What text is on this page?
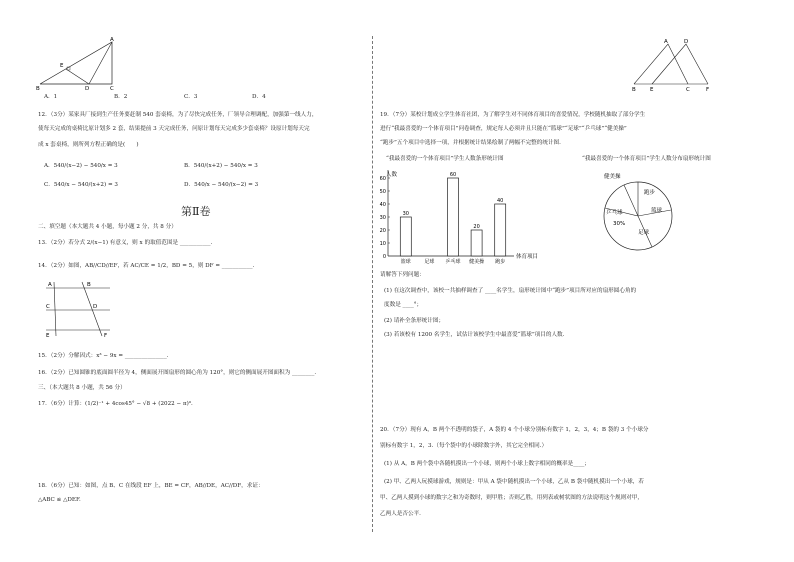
A
E
B	D	C
A．1	B．2	C．3	D．4
12．（3分）某家具厂接到生产任务要赶制 540 套桌椅，为了尽快完成任务，厂领导合理调配，加强第一线人力，
使每天完成的桌椅比原计划多 2 套，结果提前 3 天完成任务，问原计划每天完成多少套桌椅？设原计划每天完
成 x 套桌椅，则所列方程正确的是(　　)
A．540/(x−2) − 540/x = 3	B．540/(x+2) − 540/x = 3
C．540/x − 540/(x+2) = 3	D．540/x − 540/(x−2) = 3
第Ⅱ卷
二、填空题（本大题共 4 小题，每小题 2 分，共 8 分）
13．（2分）若分式 2/(x−1) 有意义，则 x 的取值范围是 ___________.
14．（2分）如图，AB//CD//EF，若 AC/CE = 1/2，BD = 5，则 DF = ___________.
A	B
C	D
E	F
15．（2分）分解因式：x³ − 9x = _______________.
16．（2分）已知圆锥的底面圆半径为 4，侧面展开图扇形的圆心角为 120°，则它的侧面展开图面积为 ________.
三、（本大题共 8 小题，共 56 分）
17．（6分）计算：(1/2)⁻¹ + 4cos45° − √8 + (2022 − π)⁰.
18．（6分）已知：如图，点 B、C 在线段 EF 上，BE = CF，AB//DE，AC//DF，求证：
△ABC ≌ △DEF.
A	D
B	E	C	F
19．（7分）某校计划成立学生体育社团，为了解学生对不同体育项目的喜爱情况，学校随机抽取了部分学生
进行“我最喜爱的一个体育项目”问卷调查，规定每人必须并且只能在“篮球”“足球”“乒乓球”“健美操”
“跑步”五个项目中选择一项，并根据统计结果绘制了两幅不完整的统计图.
“我最喜爱的一个体育项目”学生人数条形统计图	“我最喜爱的一个体育项目”学生人数分布扇形统计图
人数
体育项目
0
10
20
30
40
50
60
篮球
30
足球 乒乓球
60
健美操
20
跑步
40
健美操
跑步
篮球
乒乓球
30%
足球
请解答下列问题：
(1) 在这次调查中，该校一共抽样调查了 ____名学生，扇形统计图中“跑步”项目所对应的扇形圆心角的
度数是 ____°；
(2) 请补全条形统计图；
(3) 若该校有 1200 名学生，试估计该校学生中最喜爱“篮球”项目的人数.
20．（7分）现有 A，B 两个不透明的袋子，A 袋的 4 个小球分别标有数字 1，2，3，4；B 袋的 3 个小球分
别标有数字 1，2，3.（每个袋中的小球除数字外，其它完全相同.）
(1) 从 A，B 两个袋中各随机摸出一个小球，则两个小球上数字相同的概率是____；
(2) 甲、乙两人玩摸球游戏，规则是：甲从 A 袋中随机摸出一个小球，乙从 B 袋中随机摸出一个小球，若
甲、乙两人摸到小球的数字之和为奇数时，则甲胜；否则乙胜，用列表或树状图的方法说明这个规则对甲，
乙两人是否公平.
